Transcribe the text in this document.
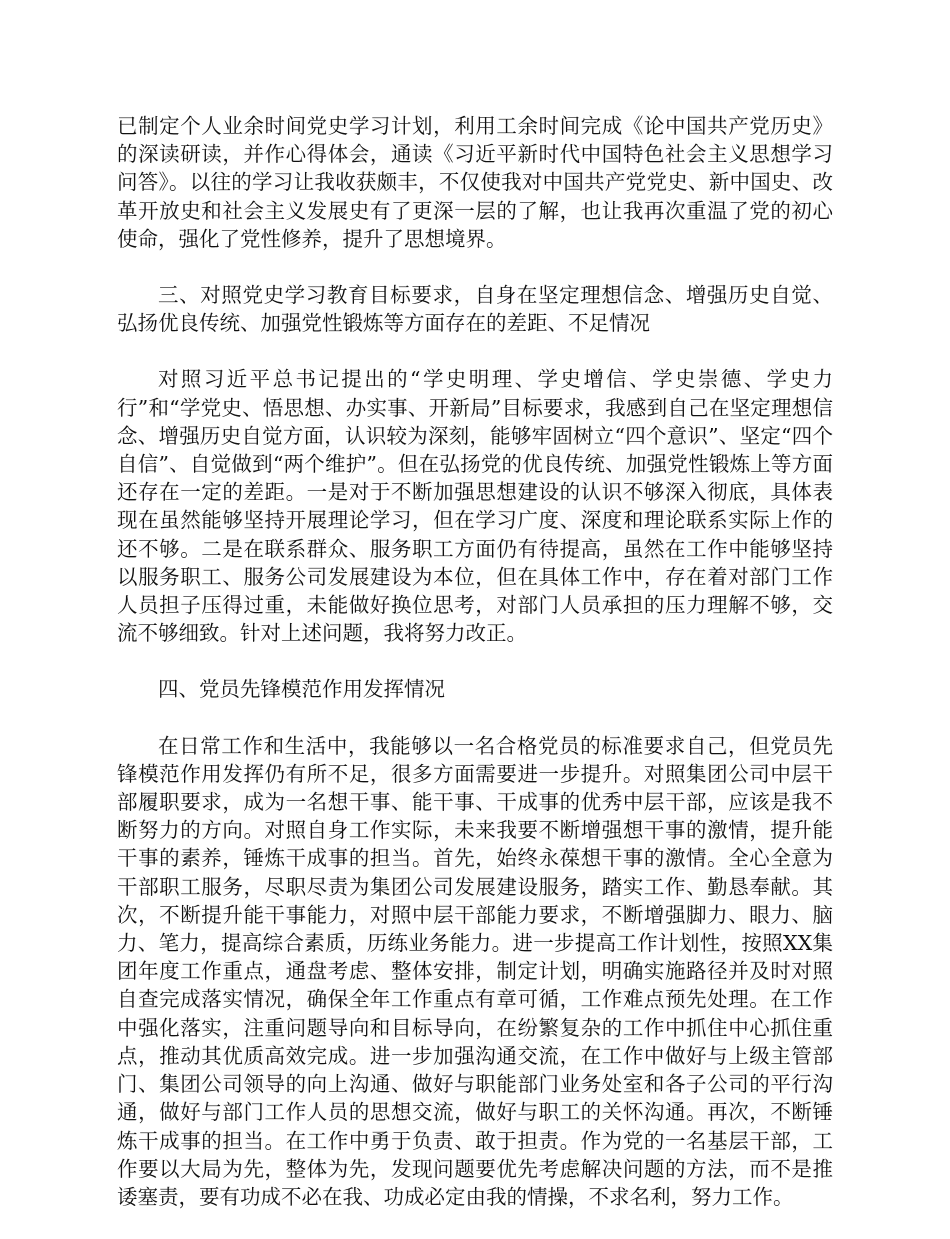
已制定个人业余时间党史学习计划，利用工余时间完成《论中国共产党历史》的深读研读，并作心得体会，通读《习近平新时代中国特色社会主义思想学习问答》。以往的学习让我收获颇丰，不仅使我对中国共产党党史、新中国史、改革开放史和社会主义发展史有了更深一层的了解，也让我再次重温了党的初心使命，强化了党性修养，提升了思想境界。

三、对照党史学习教育目标要求，自身在坚定理想信念、增强历史自觉、弘扬优良传统、加强党性锻炼等方面存在的差距、不足情况

对照习近平总书记提出的“学史明理、学史增信、学史崇德、学史力行”和“学党史、悟思想、办实事、开新局”目标要求，我感到自己在坚定理想信念、增强历史自觉方面，认识较为深刻，能够牢固树立“四个意识”、坚定“四个自信”、自觉做到“两个维护”。但在弘扬党的优良传统、加强党性锻炼上等方面还存在一定的差距。一是对于不断加强思想建设的认识不够深入彻底，具体表现在虽然能够坚持开展理论学习，但在学习广度、深度和理论联系实际上作的还不够。二是在联系群众、服务职工方面仍有待提高，虽然在工作中能够坚持以服务职工、服务公司发展建设为本位，但在具体工作中，存在着对部门工作人员担子压得过重，未能做好换位思考，对部门人员承担的压力理解不够，交流不够细致。针对上述问题，我将努力改正。

四、党员先锋模范作用发挥情况

在日常工作和生活中，我能够以一名合格党员的标准要求自己，但党员先锋模范作用发挥仍有所不足，很多方面需要进一步提升。对照集团公司中层干部履职要求，成为一名想干事、能干事、干成事的优秀中层干部，应该是我不断努力的方向。对照自身工作实际，未来我要不断增强想干事的激情，提升能干事的素养，锤炼干成事的担当。首先，始终永葆想干事的激情。全心全意为干部职工服务，尽职尽责为集团公司发展建设服务，踏实工作、勤恳奉献。其次，不断提升能干事能力，对照中层干部能力要求，不断增强脚力、眼力、脑力、笔力，提高综合素质，历练业务能力。进一步提高工作计划性，按照XX集团年度工作重点，通盘考虑、整体安排，制定计划，明确实施路径并及时对照自查完成落实情况，确保全年工作重点有章可循，工作难点预先处理。在工作中强化落实，注重问题导向和目标导向，在纷繁复杂的工作中抓住中心抓住重点，推动其优质高效完成。进一步加强沟通交流，在工作中做好与上级主管部门、集团公司领导的向上沟通、做好与职能部门业务处室和各子公司的平行沟通，做好与部门工作人员的思想交流，做好与职工的关怀沟通。再次，不断锤炼干成事的担当。在工作中勇于负责、敢于担责。作为党的一名基层干部，工作要以大局为先，整体为先，发现问题要优先考虑解决问题的方法，而不是推诿塞责，要有功成不必在我、功成必定由我的情操，不求名利，努力工作。
